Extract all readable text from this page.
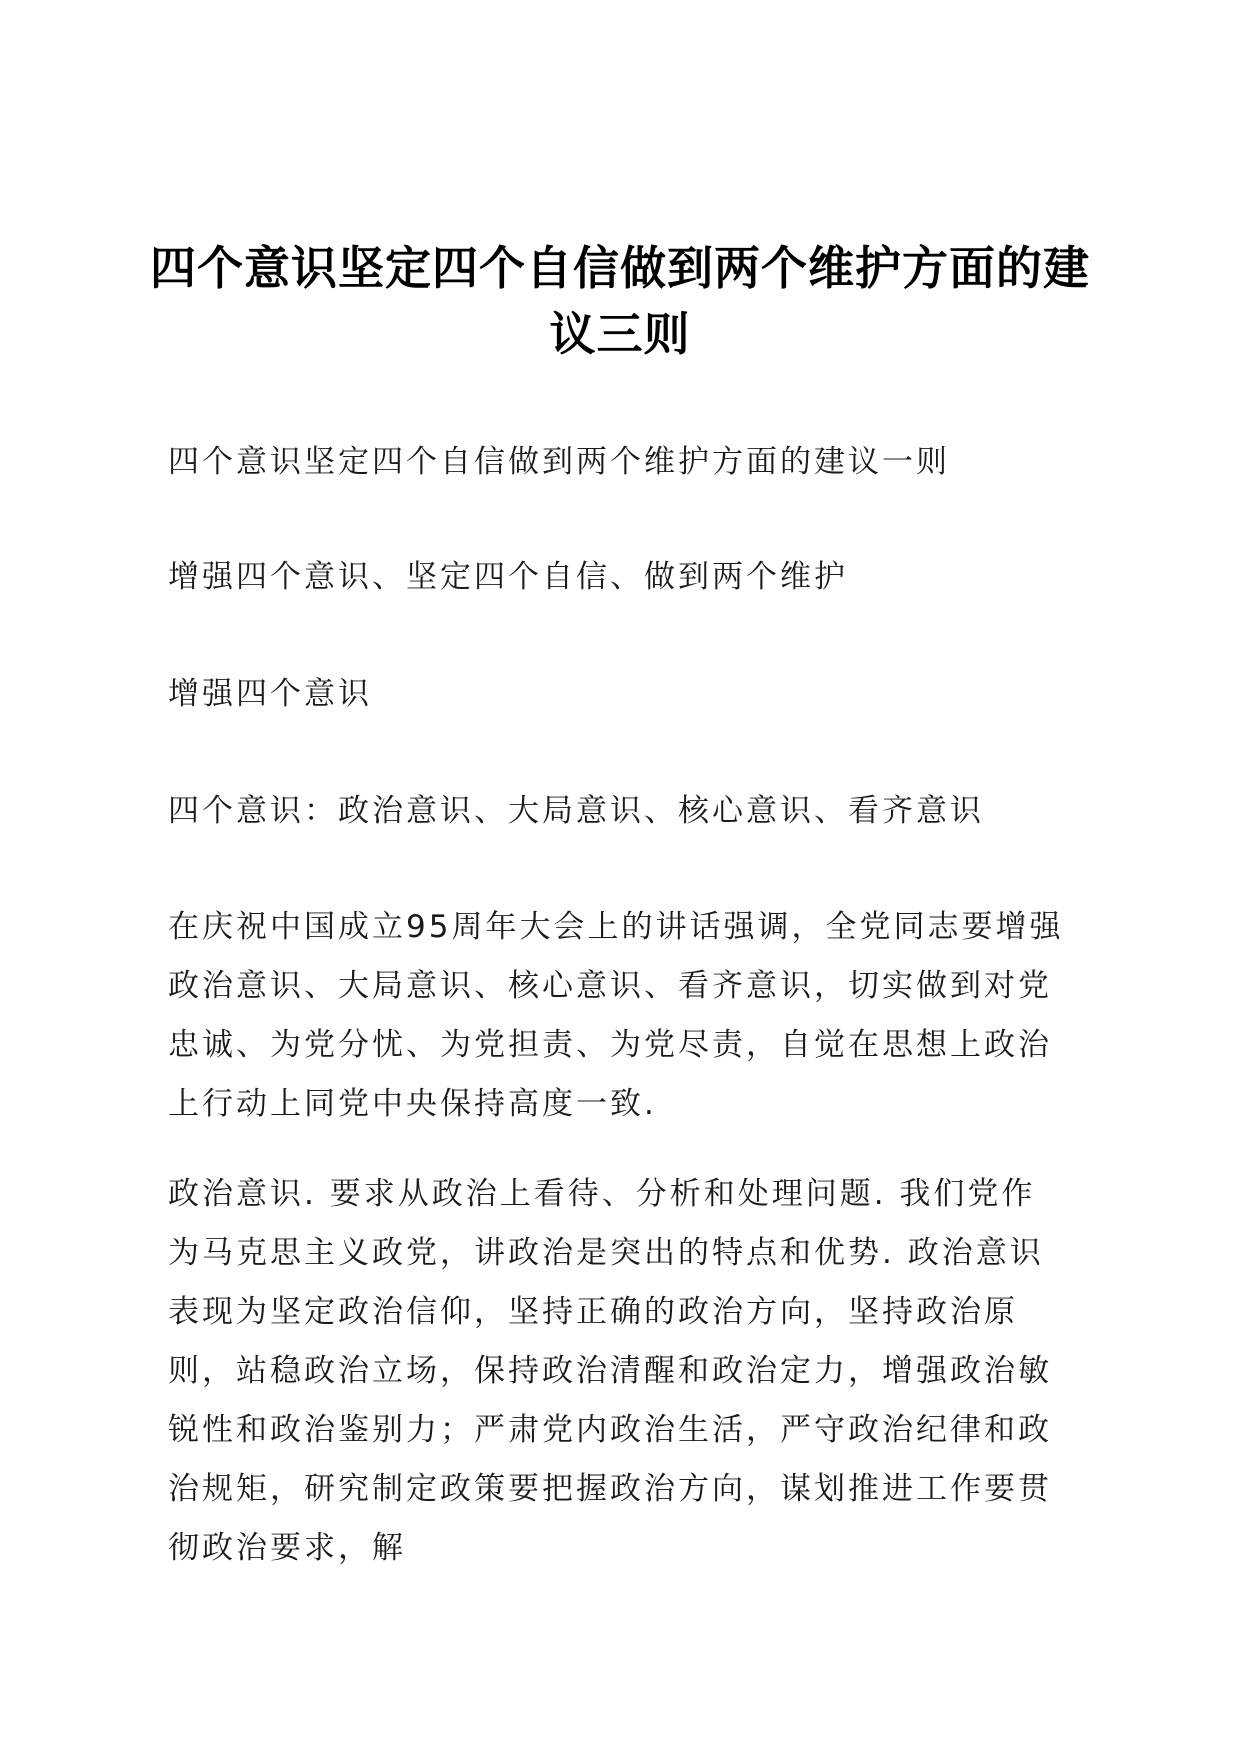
四个意识坚定四个自信做到两个维护方面的建议三则

四个意识坚定四个自信做到两个维护方面的建议一则

增强四个意识、坚定四个自信、做到两个维护

增强四个意识

四个意识：政治意识、大局意识、核心意识、看齐意识

在庆祝中国成立95周年大会上的讲话强调，全党同志要增强政治意识、大局意识、核心意识、看齐意识，切实做到对党忠诚、为党分忧、为党担责、为党尽责，自觉在思想上政治上行动上同党中央保持高度一致.

政治意识. 要求从政治上看待、分析和处理问题. 我们党作为马克思主义政党，讲政治是突出的特点和优势. 政治意识表现为坚定政治信仰，坚持正确的政治方向，坚持政治原则，站稳政治立场，保持政治清醒和政治定力，增强政治敏锐性和政治鉴别力；严肃党内政治生活，严守政治纪律和政治规矩，研究制定政策要把握政治方向，谋划推进工作要贯彻政治要求，解
